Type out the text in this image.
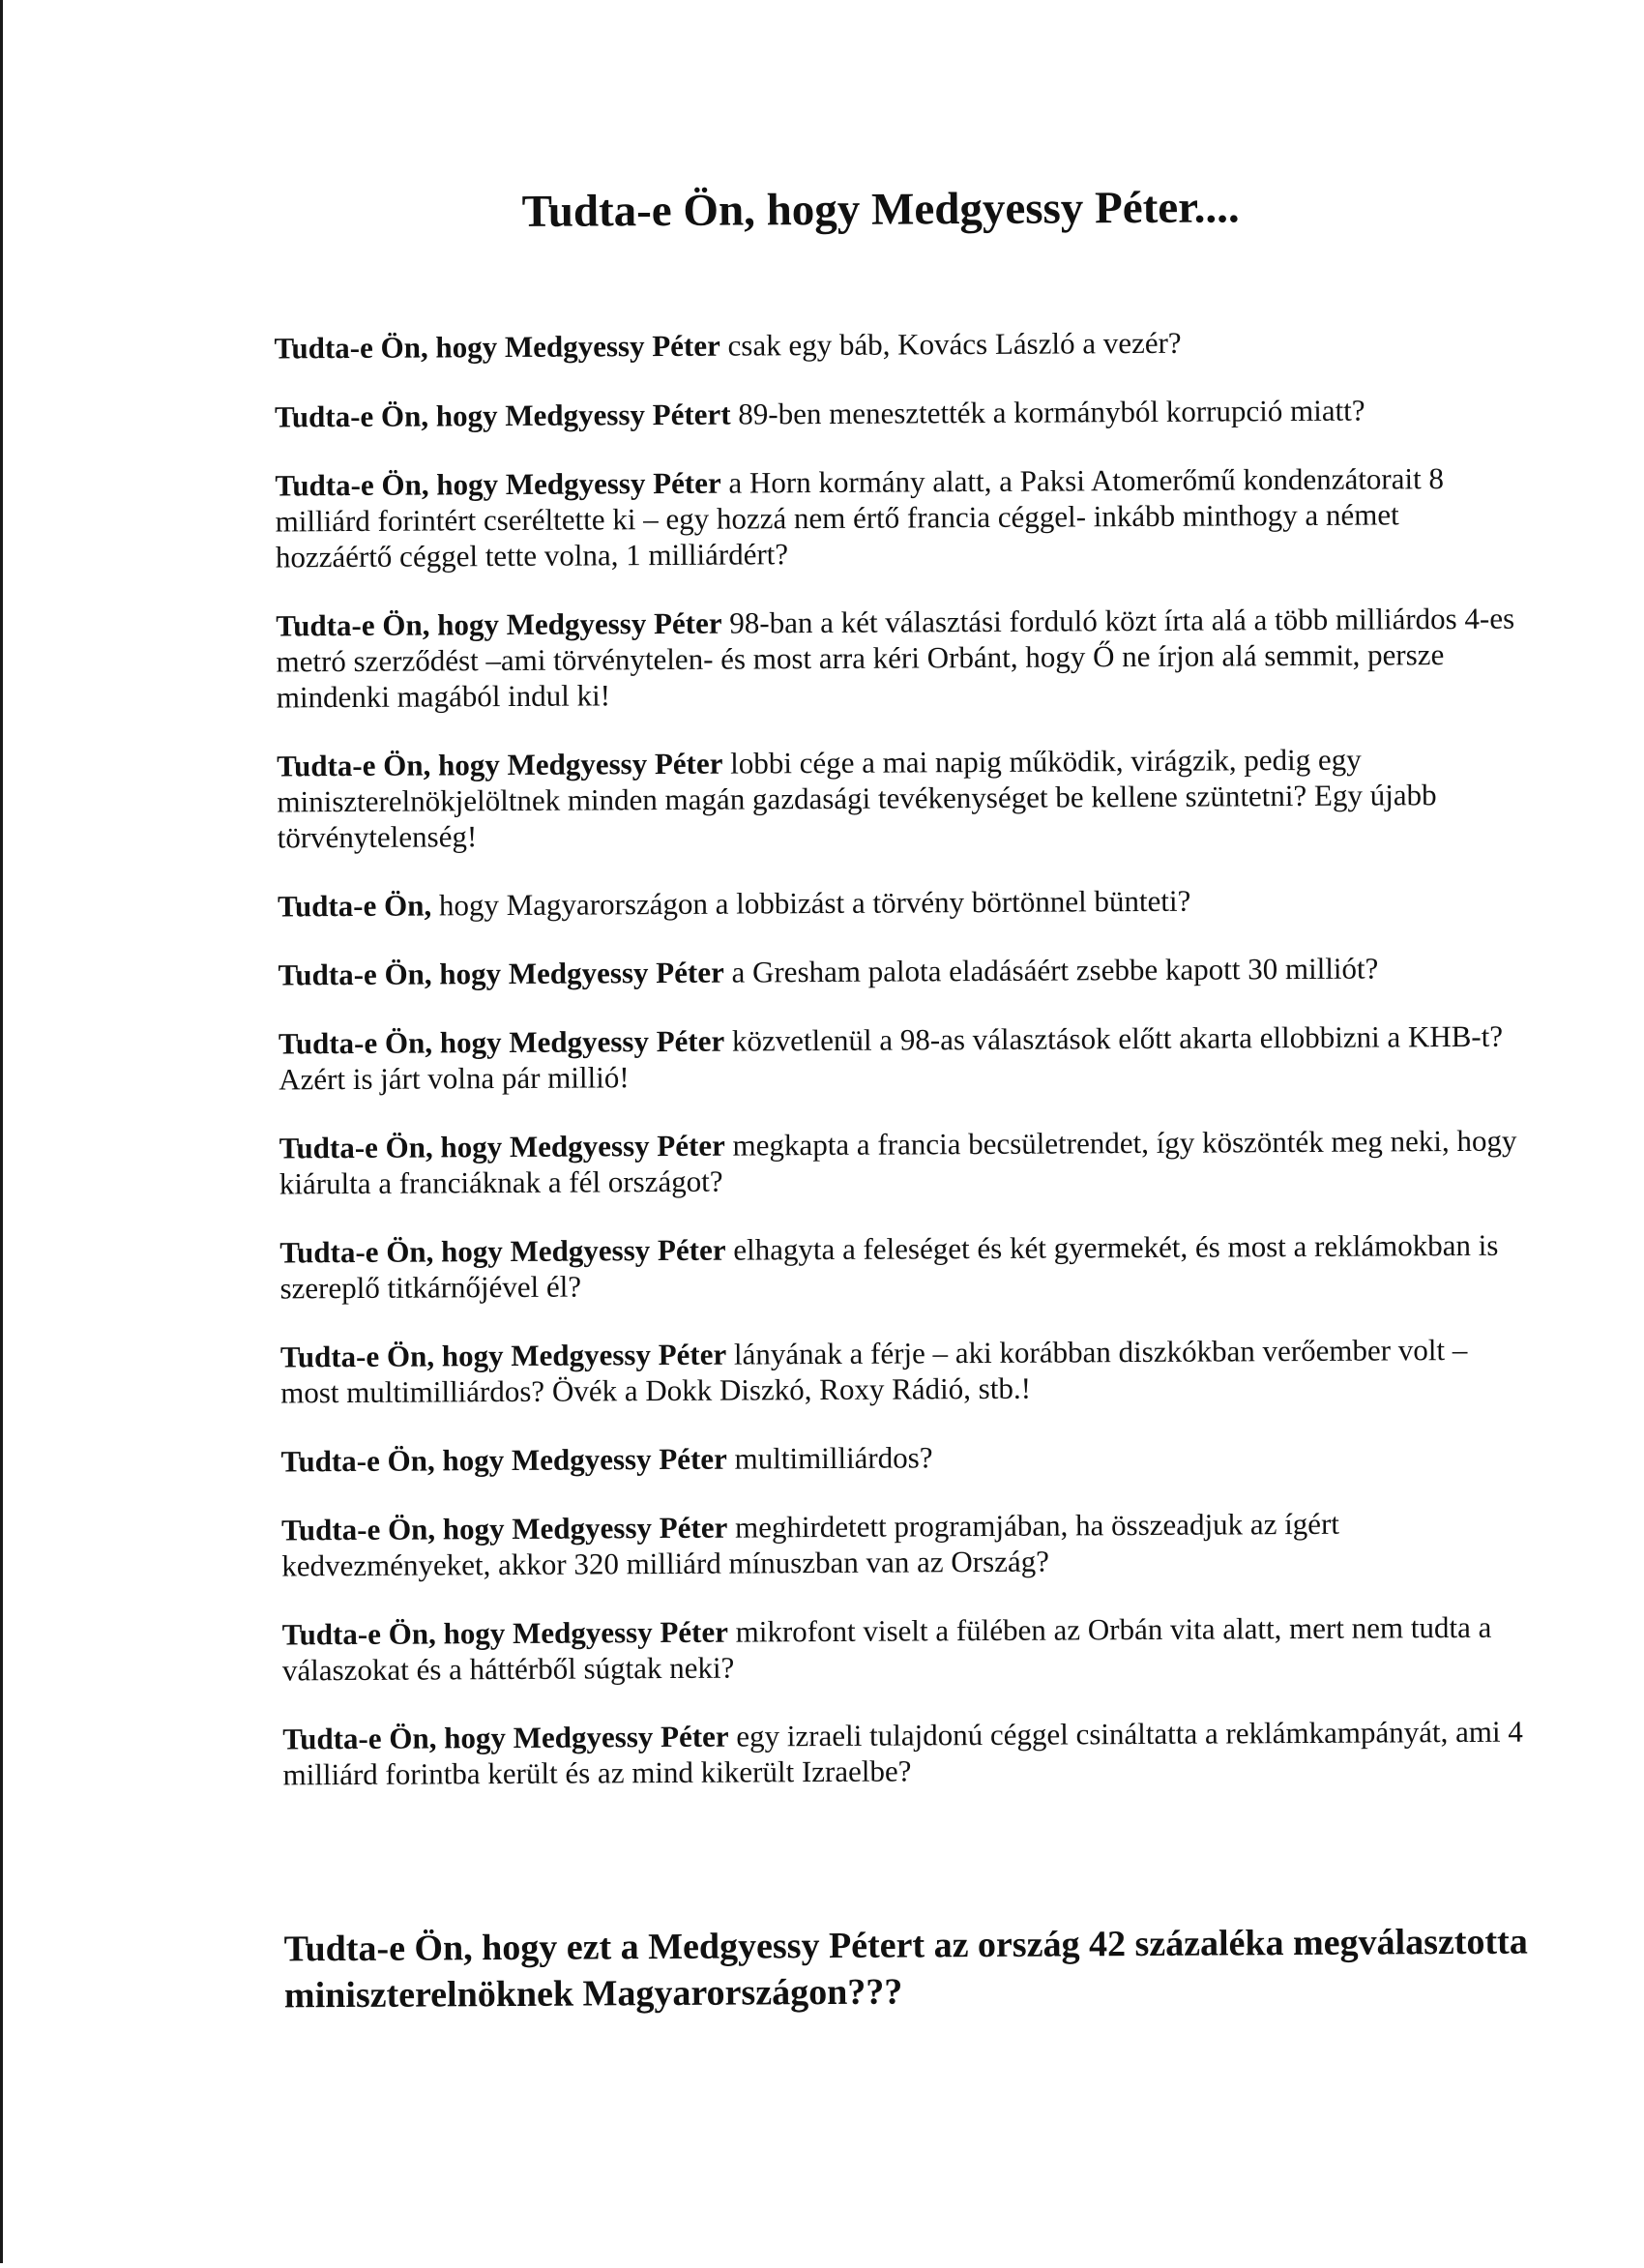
Tudta-e Ön, hogy Medgyessy Péter....
Tudta-e Ön, hogy Medgyessy Péter csak egy báb, Kovács László a vezér?
Tudta-e Ön, hogy Medgyessy Pétert 89-ben menesztették a kormányból korrupció miatt?
Tudta-e Ön, hogy Medgyessy Péter a Horn kormány alatt, a Paksi Atomerőmű kondenzátorait 8 milliárd forintért cseréltette ki – egy hozzá nem értő francia céggel- inkább minthogy a német hozzáértő céggel tette volna, 1 milliárdért?
Tudta-e Ön, hogy Medgyessy Péter 98-ban a két választási forduló közt írta alá a több milliárdos 4-es metró szerződést –ami törvénytelen- és most arra kéri Orbánt, hogy Ő ne írjon alá semmit, persze mindenki magából indul ki!
Tudta-e Ön, hogy Medgyessy Péter lobbi cége a mai napig működik, virágzik, pedig egy miniszterelnökjelöltnek minden magán gazdasági tevékenységet be kellene szüntetni? Egy újabb törvénytelenség!
Tudta-e Ön, hogy Magyarországon a lobbizást a törvény börtönnel bünteti?
Tudta-e Ön, hogy Medgyessy Péter a Gresham palota eladásáért zsebbe kapott 30 milliót?
Tudta-e Ön, hogy Medgyessy Péter közvetlenül a 98-as választások előtt akarta ellobbizni a KHB-t? Azért is járt volna pár millió!
Tudta-e Ön, hogy Medgyessy Péter megkapta a francia becsületrendet, így köszönték meg neki, hogy kiárulta a franciáknak a fél országot?
Tudta-e Ön, hogy Medgyessy Péter elhagyta a feleséget és két gyermekét, és most a reklámokban is szereplő titkárnőjével él?
Tudta-e Ön, hogy Medgyessy Péter lányának a férje – aki korábban diszkókban verőember volt – most multimilliárdos? Övék a Dokk Diszkó, Roxy Rádió, stb.!
Tudta-e Ön, hogy Medgyessy Péter multimilliárdos?
Tudta-e Ön, hogy Medgyessy Péter meghirdetett programjában, ha összeadjuk az ígért kedvezményeket, akkor 320 milliárd mínuszban van az Ország?
Tudta-e Ön, hogy Medgyessy Péter mikrofont viselt a fülében az Orbán vita alatt, mert nem tudta a válaszokat és a háttérből súgtak neki?
Tudta-e Ön, hogy Medgyessy Péter egy izraeli tulajdonú céggel csináltatta a reklámkampányát, ami 4 milliárd forintba került és az mind kikerült Izraelbe?

Tudta-e Ön, hogy ezt a Medgyessy Pétert az ország 42 százaléka megválasztotta miniszterelnöknek Magyarországon???
